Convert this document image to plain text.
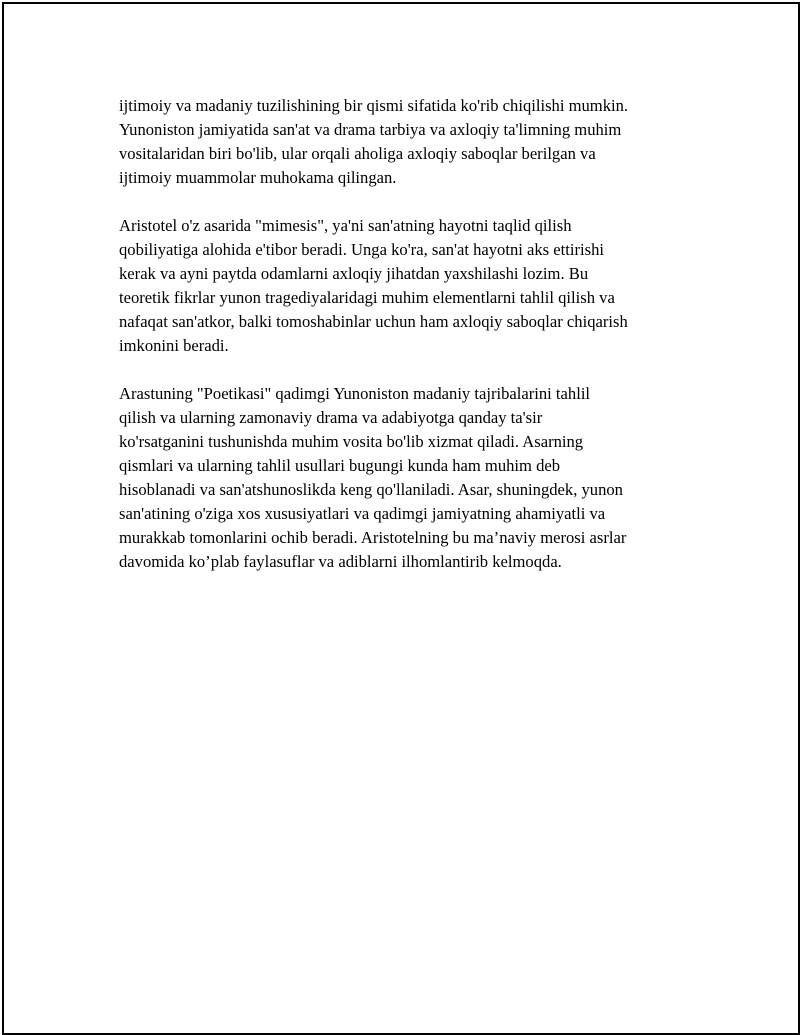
ijtimoiy va madaniy tuzilishining bir qismi sifatida ko'rib chiqilishi mumkin.
Yunoniston jamiyatida san'at va drama tarbiya va axloqiy ta'limning muhim
vositalaridan biri bo'lib, ular orqali aholiga axloqiy saboqlar berilgan va
ijtimoiy muammolar muhokama qilingan.

Aristotel o'z asarida "mimesis", ya'ni san'atning hayotni taqlid qilish
qobiliyatiga alohida e'tibor beradi. Unga ko'ra, san'at hayotni aks ettirishi
kerak va ayni paytda odamlarni axloqiy jihatdan yaxshilashi lozim. Bu
teoretik fikrlar yunon tragediyalaridagi muhim elementlarni tahlil qilish va
nafaqat san'atkor, balki tomoshabinlar uchun ham axloqiy saboqlar chiqarish
imkonini beradi.

Arastuning "Poetikasi" qadimgi Yunoniston madaniy tajribalarini tahlil
qilish va ularning zamonaviy drama va adabiyotga qanday ta'sir
ko'rsatganini tushunishda muhim vosita bo'lib xizmat qiladi. Asarning
qismlari va ularning tahlil usullari bugungi kunda ham muhim deb
hisoblanadi va san'atshunoslikda keng qo'llaniladi. Asar, shuningdek, yunon
san'atining o'ziga xos xususiyatlari va qadimgi jamiyatning ahamiyatli va
murakkab tomonlarini ochib beradi. Aristotelning bu ma’naviy merosi asrlar
davomida ko’plab faylasuflar va adiblarni ilhomlantirib kelmoqda.
